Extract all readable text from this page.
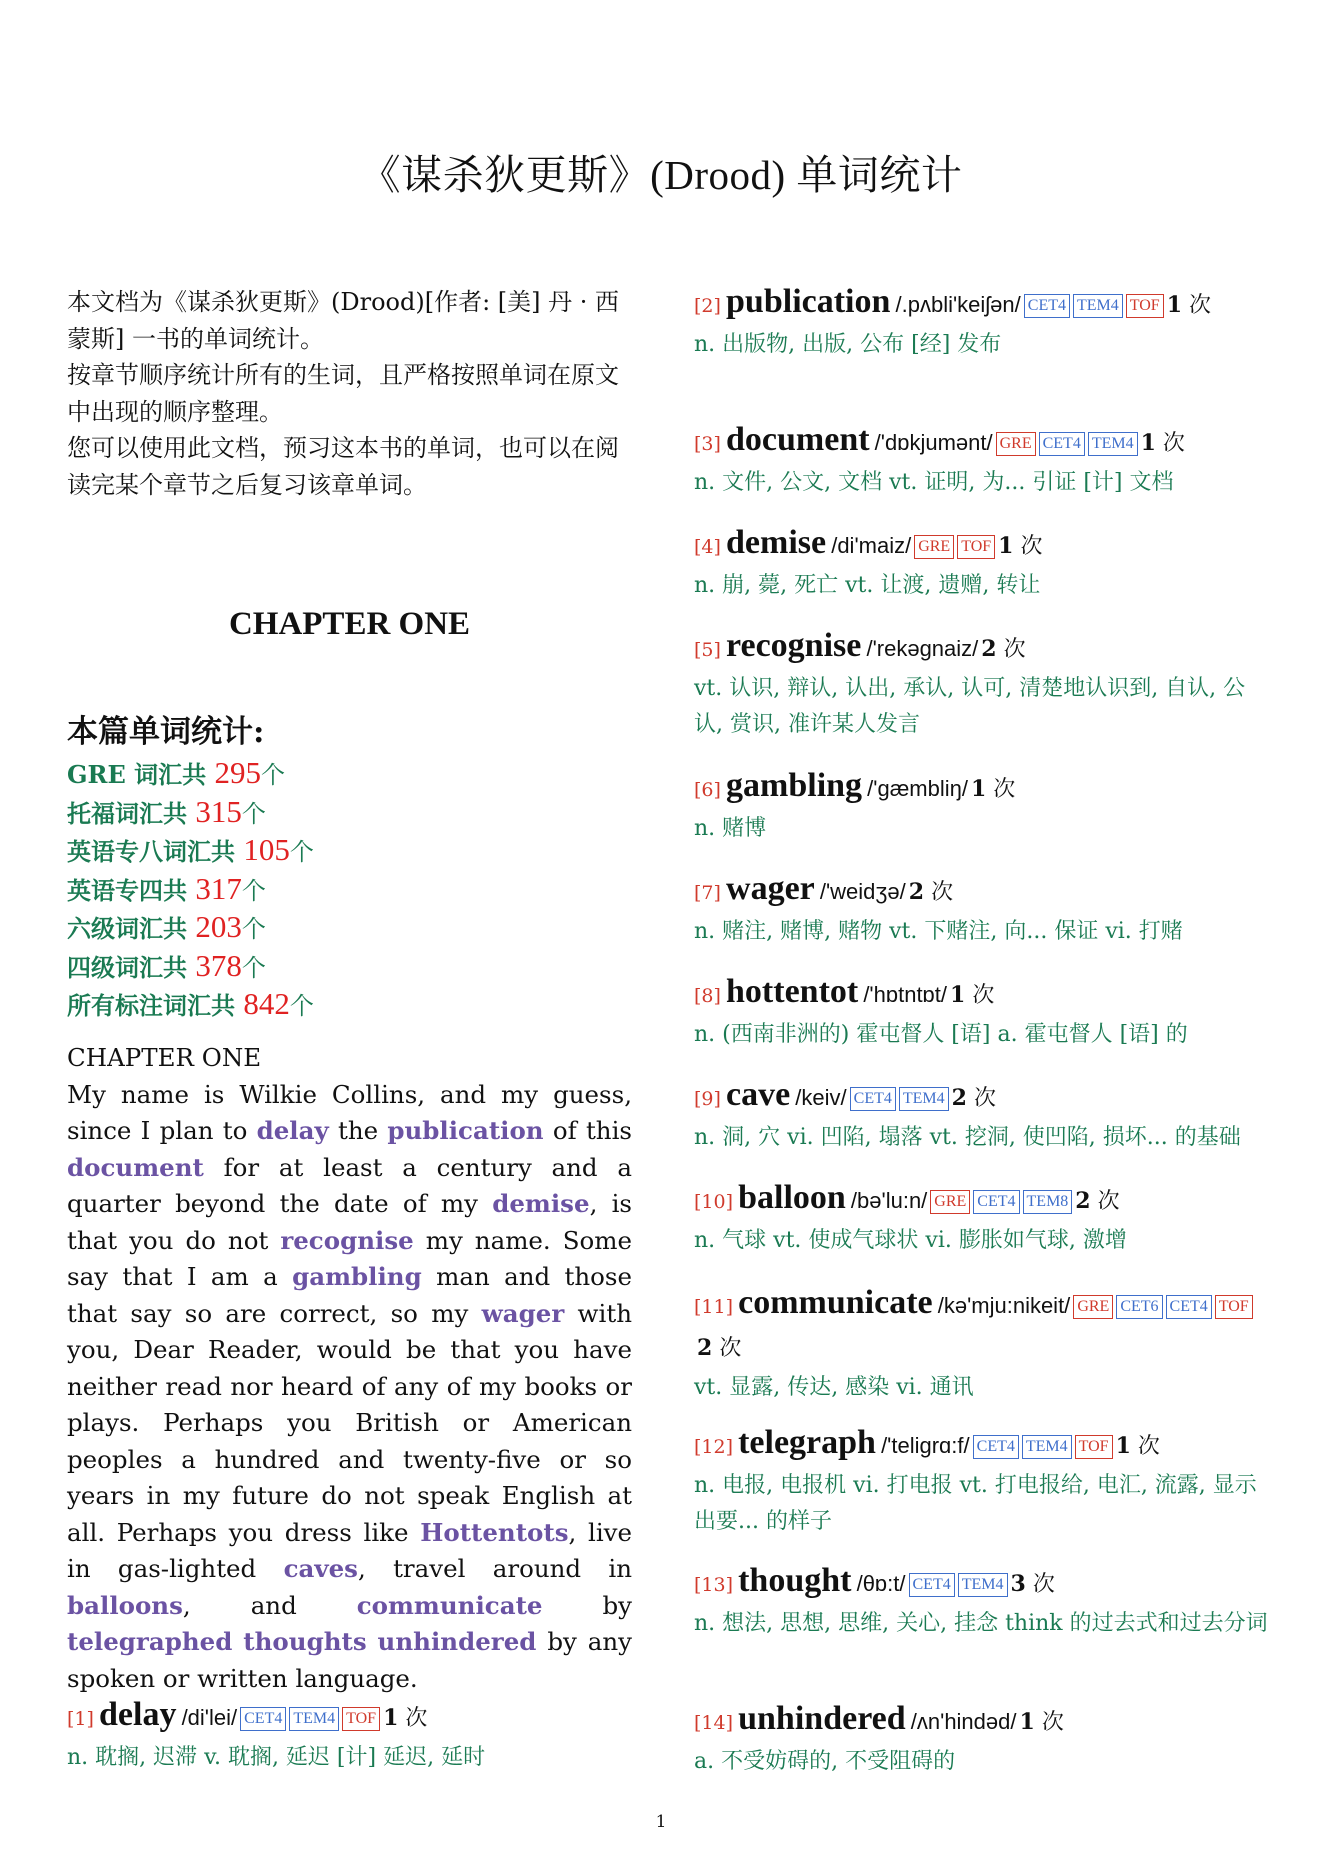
《谋杀狄更斯》(Drood) 单词统计
本文档为《谋杀狄更斯》(Drood)[作者: [美] 丹 · 西蒙斯] 一书的单词统计。
按章节顺序统计所有的生词，且严格按照单词在原文中出现的顺序整理。
您可以使用此文档，预习这本书的单词，也可以在阅读完某个章节之后复习该章单词。
CHAPTER ONE
本篇单词统计:
GRE 词汇共 295个
托福词汇共 315个
英语专八词汇共 105个
英语专四共 317个
六级词汇共 203个
四级词汇共 378个
所有标注词汇共 842个
CHAPTER ONE
My name is Wilkie Collins, and my guess, since I plan to delay the publication of this document for at least a century and a quarter beyond the date of my demise, is that you do not recognise my name. Some say that I am a gambling man and those that say so are correct, so my wager with you, Dear Reader, would be that you have neither read nor heard of any of my books or plays. Perhaps you British or American peoples a hundred and twenty-five or so years in my future do not speak English at all. Perhaps you dress like Hottentots, live in gas-lighted caves, travel around in balloons, and communicate by telegraphed thoughts unhindered by any spoken or written language.
[1] delay /di'lei/ CET4 TEM4 TOF 1 次
n. 耽搁, 迟滞 v. 耽搁, 延迟 [计] 延迟, 延时
[2] publication /.pʌbli'keiʃən/ CET4 TEM4 TOF 1 次
n. 出版物, 出版, 公布 [经] 发布
[3] document /'dɒkjumənt/ GRE CET4 TEM4 1 次
n. 文件, 公文, 文档 vt. 证明, 为... 引证 [计] 文档
[4] demise /di'maiz/ GRE TOF 1 次
n. 崩, 薨, 死亡 vt. 让渡, 遗赠, 转让
[5] recognise /'rekəgnaiz/ 2 次
vt. 认识, 辩认, 认出, 承认, 认可, 清楚地认识到, 自认, 公认, 赏识, 准许某人发言
[6] gambling /'gæmbliŋ/ 1 次
n. 赌博
[7] wager /'weidʒə/ 2 次
n. 赌注, 赌博, 赌物 vt. 下赌注, 向... 保证 vi. 打赌
[8] hottentot /'hɒtntɒt/ 1 次
n. (西南非洲的) 霍屯督人 [语] a. 霍屯督人 [语] 的
[9] cave /keiv/ CET4 TEM4 2 次
n. 洞, 穴 vi. 凹陷, 塌落 vt. 挖洞, 使凹陷, 损坏... 的基础
[10] balloon /bə'lu:n/ GRE CET4 TEM8 2 次
n. 气球 vt. 使成气球状 vi. 膨胀如气球, 激增
[11] communicate /kə'mju:nikeit/ GRE CET6 CET4 TOF2 次
vt. 显露, 传达, 感染 vi. 通讯
[12] telegraph /'teligrɑ:f/ CET4 TEM4 TOF 1 次
n. 电报, 电报机 vi. 打电报 vt. 打电报给, 电汇, 流露, 显示出要... 的样子
[13] thought /θɒ:t/ CET4 TEM4 3 次
n. 想法, 思想, 思维, 关心, 挂念 think 的过去式和过去分词
[14] unhindered /ʌn'hindəd/ 1 次
a. 不受妨碍的, 不受阻碍的
1
